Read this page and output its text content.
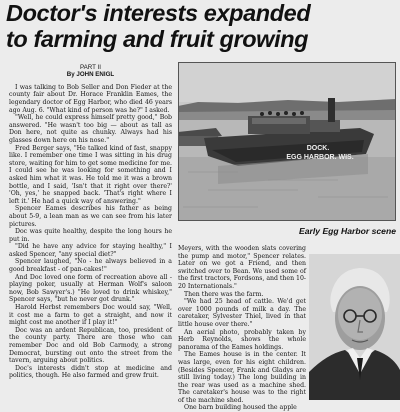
Doctor's interests expanded
to farming and fruit growing
PART II
By JOHN ENIGL

I was talking to Bob Seller and Don Fieder at the county fair about Dr. Horace Franklin Eames, the legendary doctor of Egg Harbor, who died 46 years ago Aug. 6. "What kind of person was he?" I asked.

"Well, he could express himself pretty good," Bob answered. "He wasn't too big — about as tall as Don here, not quite as chunky. Always had his glasses down here on his nose."

Fred Berger says, "He talked kind of fast, snappy like. I remember one time I was sitting in his drug store, waiting for him to get some medicine for me. I could see he was looking for something and I asked him what it was. He told me it was a brown bottle, and I said, 'Isn't that it right over there?' 'Oh, yes,' he snapped back. 'That's right where I left it.' He had a quick way of answering."

Spencer Eames describes his father as being about 5-9, a lean man as we can see from his later pictures.

Doc was quite healthy, despite the long hours he put in.

"Did he have any advice for staying healthy," I asked Spencer, "any special diet?"

Spencer laughed, "No - he always believed in a good breakfast - of pan-cakes!"

And Doc loved one form of recreation above all - playing poker, usually at Herman Wolf's saloon now, Bob Sawyer's.) "He loved to drink whiskey," Spencer says, "but he never got drunk."

Harold Herbst remembers Doc would say, "Well, it cost me a farm to get a straight, and now it might cost me another if I play it!"

Doc was an ardent Republican, too, president of the county party. There are those who can remember Doc and old Bob Carmody, a strong Democrat, bursting out onto the street from the tavern, arguing about politics.

Doc's interests didn't stop at medicine and politics, though. He also farmed and grew fruit.

DOCK.
EGG HARBOR. WIS.
Early Egg Harbor scene

Meyers, with the wooden slats covering the pump and motor," Spencer relates. Later on we got a Friend, and then switched over to Bean. We used some of the first tractors, Fordsons, and then 10-20 Internationals."

Then there was the farm.

"We had 25 head of cattle. We'd get over 1000 pounds of milk a day. The caretaker, Sylvester Thiel, lived in that little house over there."

An aerial photo, probably taken by Herb Reynolds, shows the whole panorama of the Eames holdings.

The Eames house is in the center. It was large, even for his eight children. (Besides Spencer, Frank and Gladys are still living today.) The long building in the rear was used as a machine shed. The caretaker's house was to the right of the machine shed.

One barn building housed the apple
